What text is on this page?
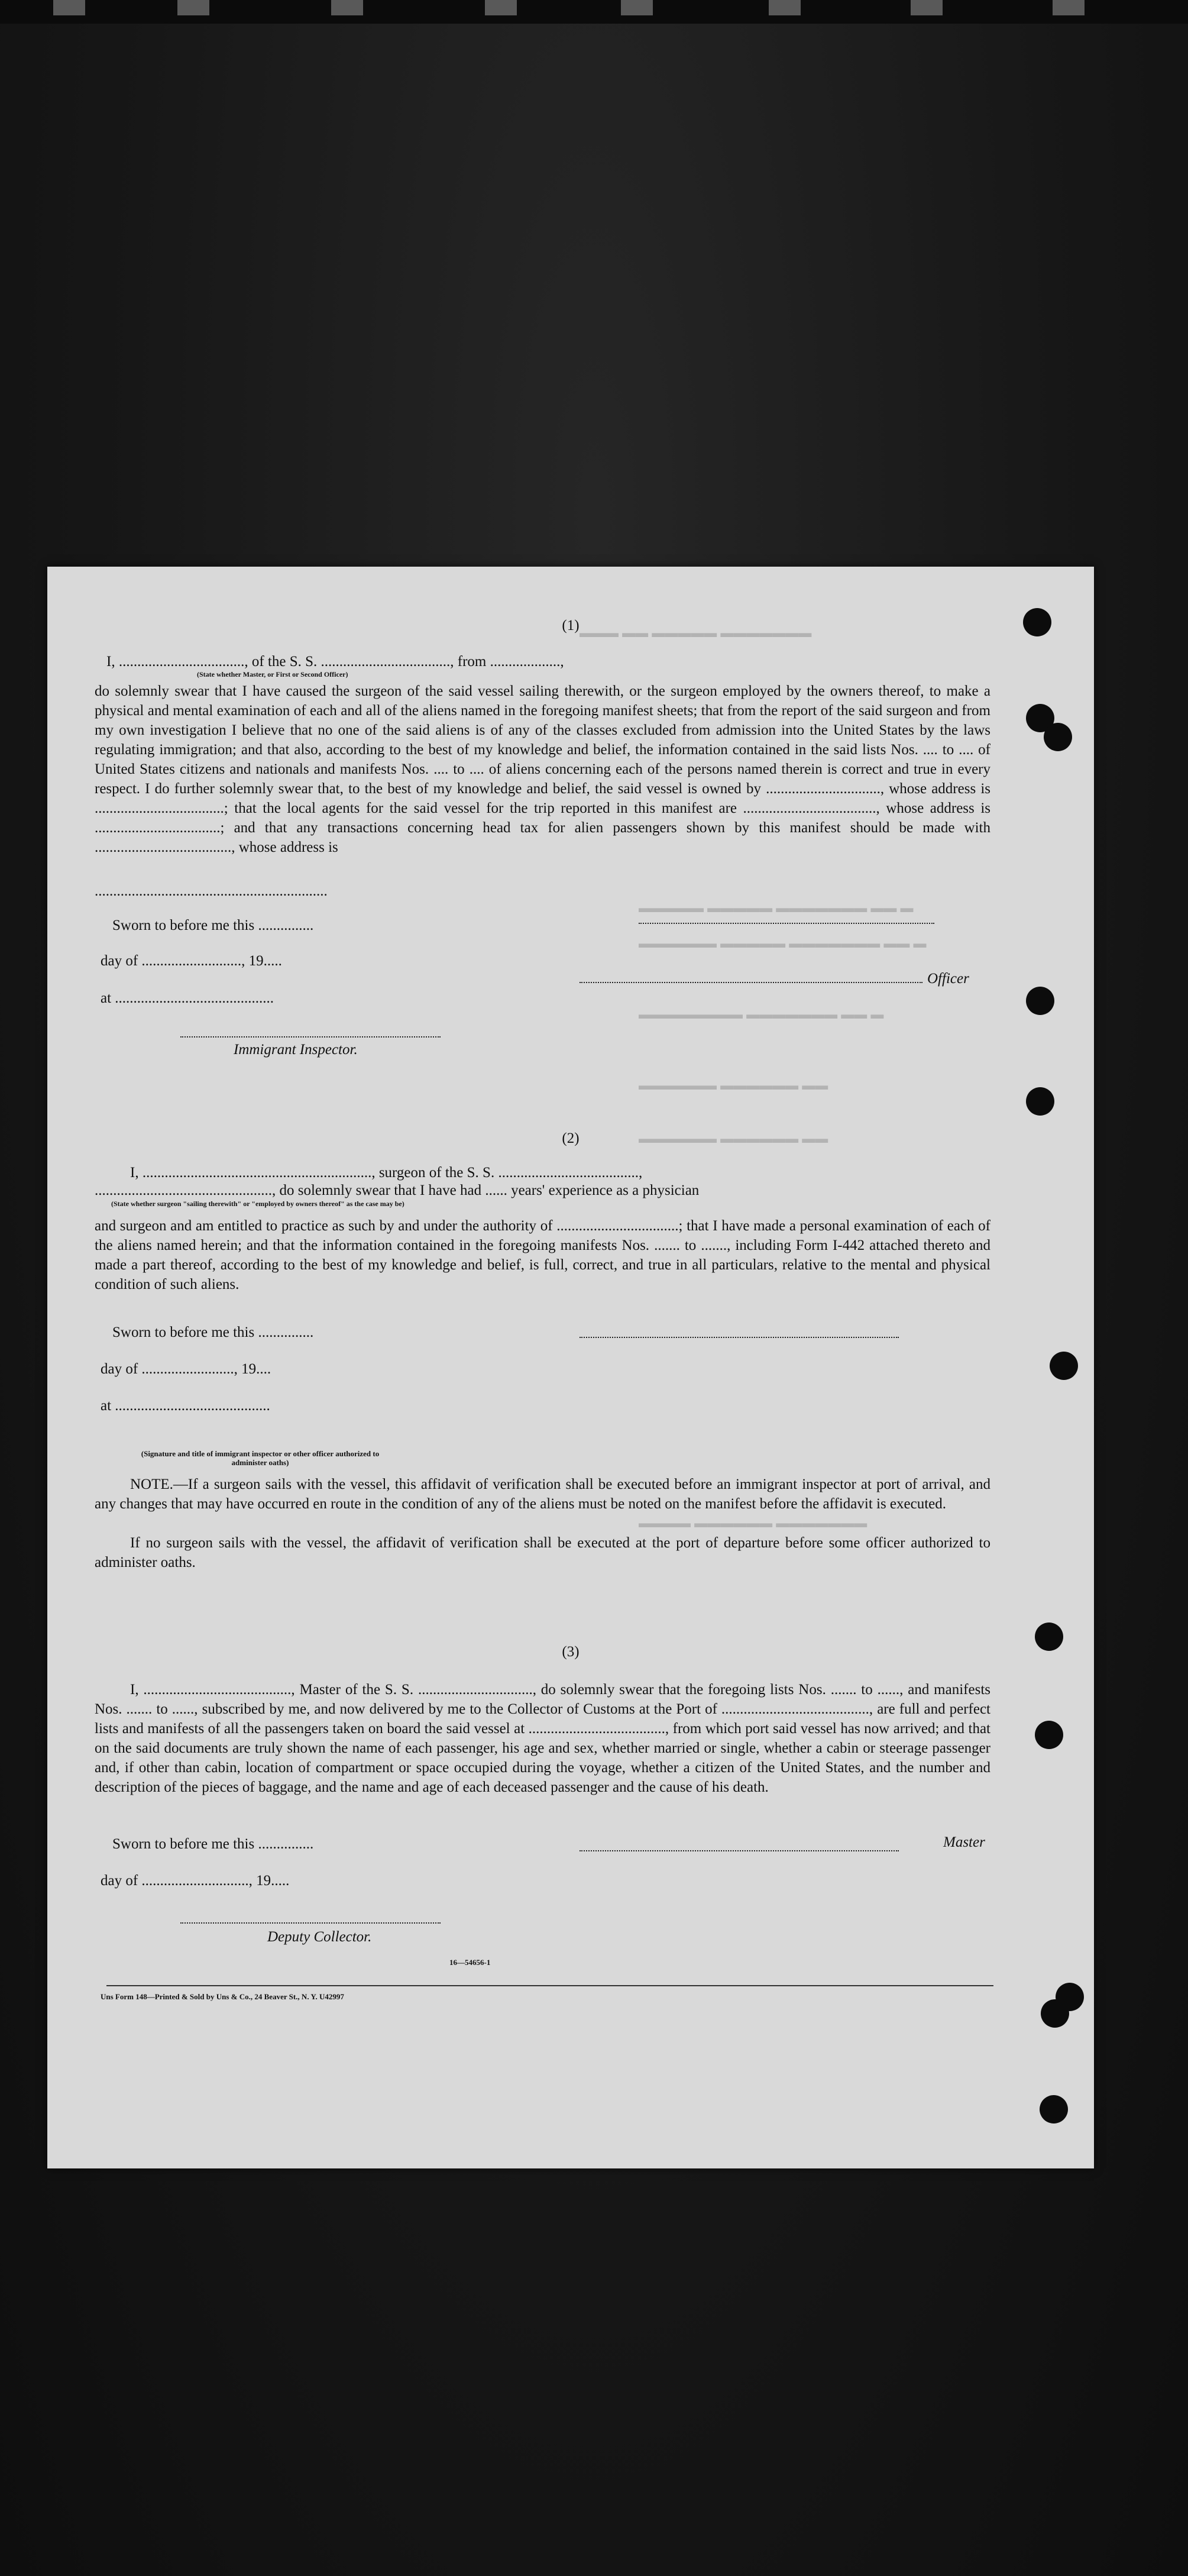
▬▬▬ ▬▬ ▬▬▬▬▬ ▬▬▬▬▬▬▬
▬▬▬▬▬ ▬▬▬▬▬ ▬▬▬▬▬▬▬ ▬▬ ▬
▬▬▬▬▬▬ ▬▬▬▬▬ ▬▬▬▬▬▬▬ ▬▬ ▬
▬▬▬▬▬▬▬▬ ▬▬▬▬▬▬▬ ▬▬ ▬
▬▬▬▬▬▬ ▬▬▬▬▬▬ ▬▬
▬▬▬▬▬▬ ▬▬▬▬▬▬ ▬▬
▬▬▬▬ ▬▬▬▬▬▬ ▬▬▬▬▬▬▬
(1)
I, .................................., of the S. S. ..................................., from ...................,
(State whether Master, or First or Second Officer)
do solemnly swear that I have caused the surgeon of the said vessel sailing therewith, or the surgeon employed by the owners thereof, to make a physical and mental examination of each and all of the aliens named in the foregoing manifest sheets; that from the report of the said surgeon and from my own investigation I believe that no one of the said aliens is of any of the classes excluded from admission into the United States by the laws regulating immigration; and that also, according to the best of my knowledge and belief, the information contained in the said lists Nos. .... to .... of United States citizens and nationals and manifests Nos. .... to .... of aliens concerning each of the persons named therein is correct and true in every respect. I do further solemnly swear that, to the best of my knowledge and belief, the said vessel is owned by ..............................., whose address is ...................................; that the local agents for the said vessel for the trip reported in this manifest are ...................................., whose address is ..................................; and that any transactions concerning head tax for alien passengers shown by this manifest should be made with ....................................., whose address is
...............................................................
Sworn to before me this ...............
day of ..........................., 19.....
at ...........................................
Officer
Immigrant Inspector.
(2)
I, .............................................................., surgeon of the S. S. ......................................,
................................................, do solemnly swear that I have had ...... years' experience as a physician
(State whether surgeon "sailing therewith" or "employed by owners thereof" as the case may be)
and surgeon and am entitled to practice as such by and under the authority of .................................; that I have made a personal examination of each of the aliens named herein; and that the information contained in the foregoing manifests Nos. ....... to ......., including Form I-442 attached thereto and made a part thereof, according to the best of my knowledge and belief, is full, correct, and true in all particulars, relative to the mental and physical condition of such aliens.
Sworn to before me this ...............
day of ........................., 19....
at ..........................................
(Signature and title of immigrant inspector or other officer authorized to administer oaths)
NOTE.—If a surgeon sails with the vessel, this affidavit of verification shall be executed before an immigrant inspector at port of arrival, and any changes that may have occurred en route in the condition of any of the aliens must be noted on the manifest before the affidavit is executed.
If no surgeon sails with the vessel, the affidavit of verification shall be executed at the port of departure before some officer authorized to administer oaths.
(3)
I, ........................................, Master of the S. S. ..............................., do solemnly swear that the foregoing lists Nos. ....... to ......, and manifests Nos. ....... to ......, subscribed by me, and now delivered by me to the Collector of Customs at the Port of ........................................, are full and perfect lists and manifests of all the passengers taken on board the said vessel at ....................................., from which port said vessel has now arrived; and that on the said documents are truly shown the name of each passenger, his age and sex, whether married or single, whether a cabin or steerage passenger and, if other than cabin, location of compartment or space occupied during the voyage, whether a citizen of the United States, and the number and description of the pieces of baggage, and the name and age of each deceased passenger and the cause of his death.
Sworn to before me this ...............	Master
day of ............................., 19.....
Deputy Collector.
16—54656-1
Uns Form 148—Printed & Sold by Uns & Co., 24 Beaver St., N. Y. U42997
